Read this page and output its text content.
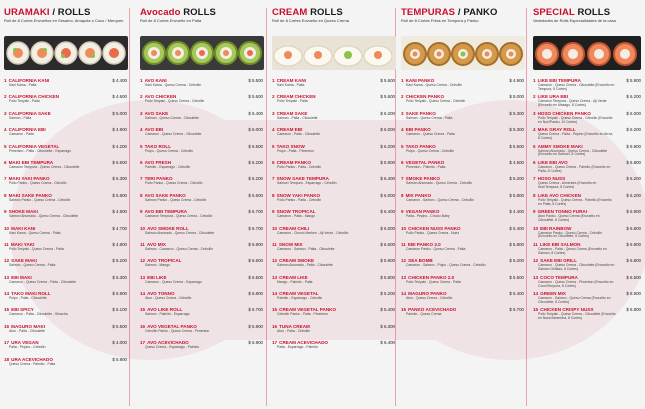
URAMAKI / ROLLS
Roll de 8 Cortes Envueltos en Sesamo, Amapola o Coco / Merquen
1 CALIFORNIA KANI	$ 4.400
Kani Kama - Palta
2 CALIFORNIA CHICKEN	$ 4.600
Pollo Teriyaki - Palta
3 CALIFORNIA SAKE	$ 5.000
Salmon - Palta
4 CALIFORNIA EBI	$ 4.900
Camaron - Palta
5 CALIFORNIA VEGETAL	$ 4.200
Pimenton - Palta - Ciboulette - Esparrago
6 MAKI EBI TEMPURA	$ 5.600
Camaron Tempura - Queso Crema - Ciboulette
7 MAKI YAKI PANKO	$ 5.300
Pollo Panko - Queso Crema - Cebollin
8 MAKI SAKE PANKO	$ 5.800
Salmon Panko - Queso Crema - Cebollin
9 SHOKE MAKI	$ 4.900
Salmon Ahumado - Queso Crema - Ciboulette
10 MAKI KANI	$ 4.700
Kani Kama - Queso Crema - Palta
11 MAKI YAKI	$ 4.800
Pollo Teriyaki - Queso Crema - Palta
12 SAKE MAKI	$ 5.200
Salmon - Queso Crema - Palta
13 EBI MAKI	$ 5.300
Camaron - Queso Crema - Palta - Ciboulette
14 TAKO MAKI ROLL	$ 5.900
Pulpo - Palta - Ciboulette
15 EBI SPICY	$ 5.100
Camaron - Palta - Ciboulette - Sriracha
16 MAGURO MAKI	$ 5.500
Atun - Palta - Ciboulette
17 URA VEGAN	$ 4.000
Palta - Pepino - Cebollin
18 URA ACEVICHADO	$ 5.900
Queso Crema - Palmito - Palta
Avocado ROLLS
Roll de 8 Cortes Envuelto en Palta
1 AVO KANI	$ 5.500
Kani Kama - Queso Crema - Cebollin
2 AVO CHICKEN	$ 5.600
Pollo Teriyaki - Queso Crema - Cebollin
3 AVO SAKE	$ 6.400
Salmon - Queso Crema - Ciboulette
4 AVO EBI	$ 6.000
Camaron - Queso Crema - Ciboulette
5 TAKO ROLL	$ 6.500
Pulpo - Queso Crema - Cebollin
6 AVO FRESH	$ 5.200
Palmito - Esparrago - Cebollin
7 TERI PANKO	$ 6.200
Pollo Panko - Queso Crema - Cebollin
8 AVO SAKE PANKO	$ 6.600
Salmon Panko - Queso Crema - Cebollin
9 AVO EBI TEMPURA	$ 6.700
Camaron Tempura - Queso Crema - Cebollin
10 AVO SMOKE ROLL	$ 6.700
Salmon Ahumado - Queso Crema - Ciboulette
11 AVO MIX	$ 6.900
Salmon - Camaron - Queso Crema - Cebollin
12 AVO TROPICAL	$ 6.600
Salmon - Mango
13 EBI LIKE	$ 6.500
Camaron - Queso Crema - Esparrago
14 AVO TONNO	$ 6.800
Atun - Queso Crema - Cebollin
15 AVO LIKE ROLL	$ 6.700
Salmon - Palmito - Esparrago
16 AVO VEGETAL PANKO	$ 5.900
Cebollin Panko - Queso Crema - Pimenton
17 AVO ACEVICHADO	$ 6.900
Queso Crema - Esparrago - Palmito
CREAM ROLLS
Roll de 8 Cortes Envuelto en Queso Crema
1 CREAM KANI	$ 5.600
Kani Kama - Palta
2 CREAM CHICKEN	$ 5.600
Pollo Teriyaki - Palta
3 CREAM SAKE	$ 6.200
Salmon - Palta - Ciboulette
4 CREAM EBI	$ 6.000
Camaron - Palta - Ciboulette
5 TAKO SNOW	$ 6.200
Pulpo - Palta - Pimenton
6 CREAM PANKO	$ 5.900
Pollo Panko - Palta - Cebollin
7 SNOW SAKE TEMPURA	$ 6.400
Salmon Tempura - Esparrago - Cebollin
8 SNOW YAKI PANKO	$ 6.000
Pollo Panko - Palta - Cebollin
9 SNOW TROPICAL	$ 6.400
Camaron - Palta - Mango
10 CREAM CHILI	$ 6.000
Camaron - Choclo Merken - Aji Verde - Cebollin
11 SNOW MIX	$ 6.600
Camaron - Salmon - Palta - Ciboulette
12 CREAM SMOKE	$ 5.900
Salmon Ahumado - Palta - Ciboulette
13 CREAM LIKE	$ 5.800
Mango - Palmito - Palta
14 CREAM VEGETAL	$ 5.200
Palmito - Esparrago - Cebollin
15 CREAM VEGETAL PANKO	$ 5.400
Cebollin Panko - Palta - Pimenton
16 TUNA CREAM	$ 6.300
Atun - Palta - Cebollin
17 CREAM ACEVICHADO	$ 6.400
Palta - Esparrago - Palmito
TEMPURAS / PANKO
Roll de 8 Cortes Fritos en Tempura y Panko
1 KANI PANKO	$ 4.900
Kani Kama - Queso Crema - Cebollin
2 CHICKEN PANKO	$ 5.000
Pollo Teriyaki - Queso Crema - Cebollin
3 SAKE PANKO	$ 5.300
Salmon - Queso Crema - Palta
4 EBI PANKO	$ 5.300
Camaron - Queso Crema - Palta
5 TAKO PANKO	$ 5.500
Pulpo - Queso Crema - Cebollin
6 VEGETAL PANKO	$ 4.500
Pimenton - Palmito - Palta
7 SMOKE PANKO	$ 5.200
Salmon Ahumado - Queso Crema - Cebollin
8 MIX PANKO	$ 5.800
Camaron - Salmon - Queso Crema - Cebollin
9 VEGAN PANKO	$ 4.400
Palta - Pepino - Choclo Baby
10 CHICKEN NUSS PANKO	$ 5.400
Pollo Panko - Queso Crema - Nuez
11 EBI PANKO 2.0	$ 5.800
Camaron Panko - Queso Crema - Palta
12 SEA BOMB	$ 6.200
Camaron - Salmon - Pulpo - Queso Crema - Cebollin
13 CHICKEN PANKO 2.0	$ 5.500
Pollo Teriyaki - Queso Crema - Palta
14 MAGURO PANKO	$ 5.400
Atun - Queso Crema - Cebollin
15 PANKO ACEVICHADO	$ 5.700
Palmito - Queso Crema
SPECIAL ROLLS
Variedades de Rolls Especialidades de la casa
1 LIKE EBI TEMPURA	$ 5.900
Camaron - Queso Crema - Ciboulette (Envuelto en Tempura, 8 Cortes)
2 LIKE URA EBI	$ 6.200
Camaron Tempura - Queso Crema - Aji Verde (Envuelto en Masago, 8 Cortes)
3 HOSO CHICKEN PANKO	$ 6.000
Pollo Teriyaki - Queso Crema - Cebollin (Envuelto en Nori/Panko, 10 Cortes)
4 MAK GRAY ROLL	$ 6.200
Queso Crema - Palta - Pepino (Envuelto en Arroz, 8 Cortes)
5 AMMY SMOKE MAKI	$ 6.900
Salmon Ahumado - Queso Crema - Ciboulette (Envuelto en Salmon, 8 Cortes)
6 LIKE EBI AVO	$ 6.800
Camaron - Queso Crema - Palmito (Envuelto en Palta, 8 Cortes)
7 HOSO NUSS	$ 6.200
Queso Crema - Almendra (Envuelto en Nori/Tempura, 8 Cortes)
8 LIKE AVO CHICKEN	$ 6.200
Pollo Teriyaki - Queso Crema - Palmito (Envuelto en Palta, 8 Cortes)
9 GREEN TONNO FURAI	$ 6.900
Atun Panko - Queso Crema (Envuelto en Ciboulette, 8 Cortes)
10 EBI RAINBOW	$ 6.800
Camaron Panko - Queso Crema - Cebollin (Envuelto en Ciboulette, 8 Cortes)
11 LIKE EBI SALMON	$ 6.900
Camaron - Palta - Queso Crema (Envuelto en Salmon, 8 Cortes)
12 SAKE EBI GRILL	$ 6.800
Camaron - Queso Crema - Ciboulette (Envuelto en Salmon Grillado, 8 Cortes)
13 COCO TEMPURA	$ 6.500
Camaron - Queso Crema - Pimenton (Envuelto en Coco/Tempura, 8 Cortes)
14 GREEN MIX	$ 6.900
Camaron - Salmon - Queso Crema (Envuelto en Ciboulette, 8 Cortes)
15 CHICKEN CRISPY NUSS	$ 6.800
Pollo Teriyaki - Queso Crema - Ciboulette (Envuelto en Nuez/Almendra, 8 Cortes)
